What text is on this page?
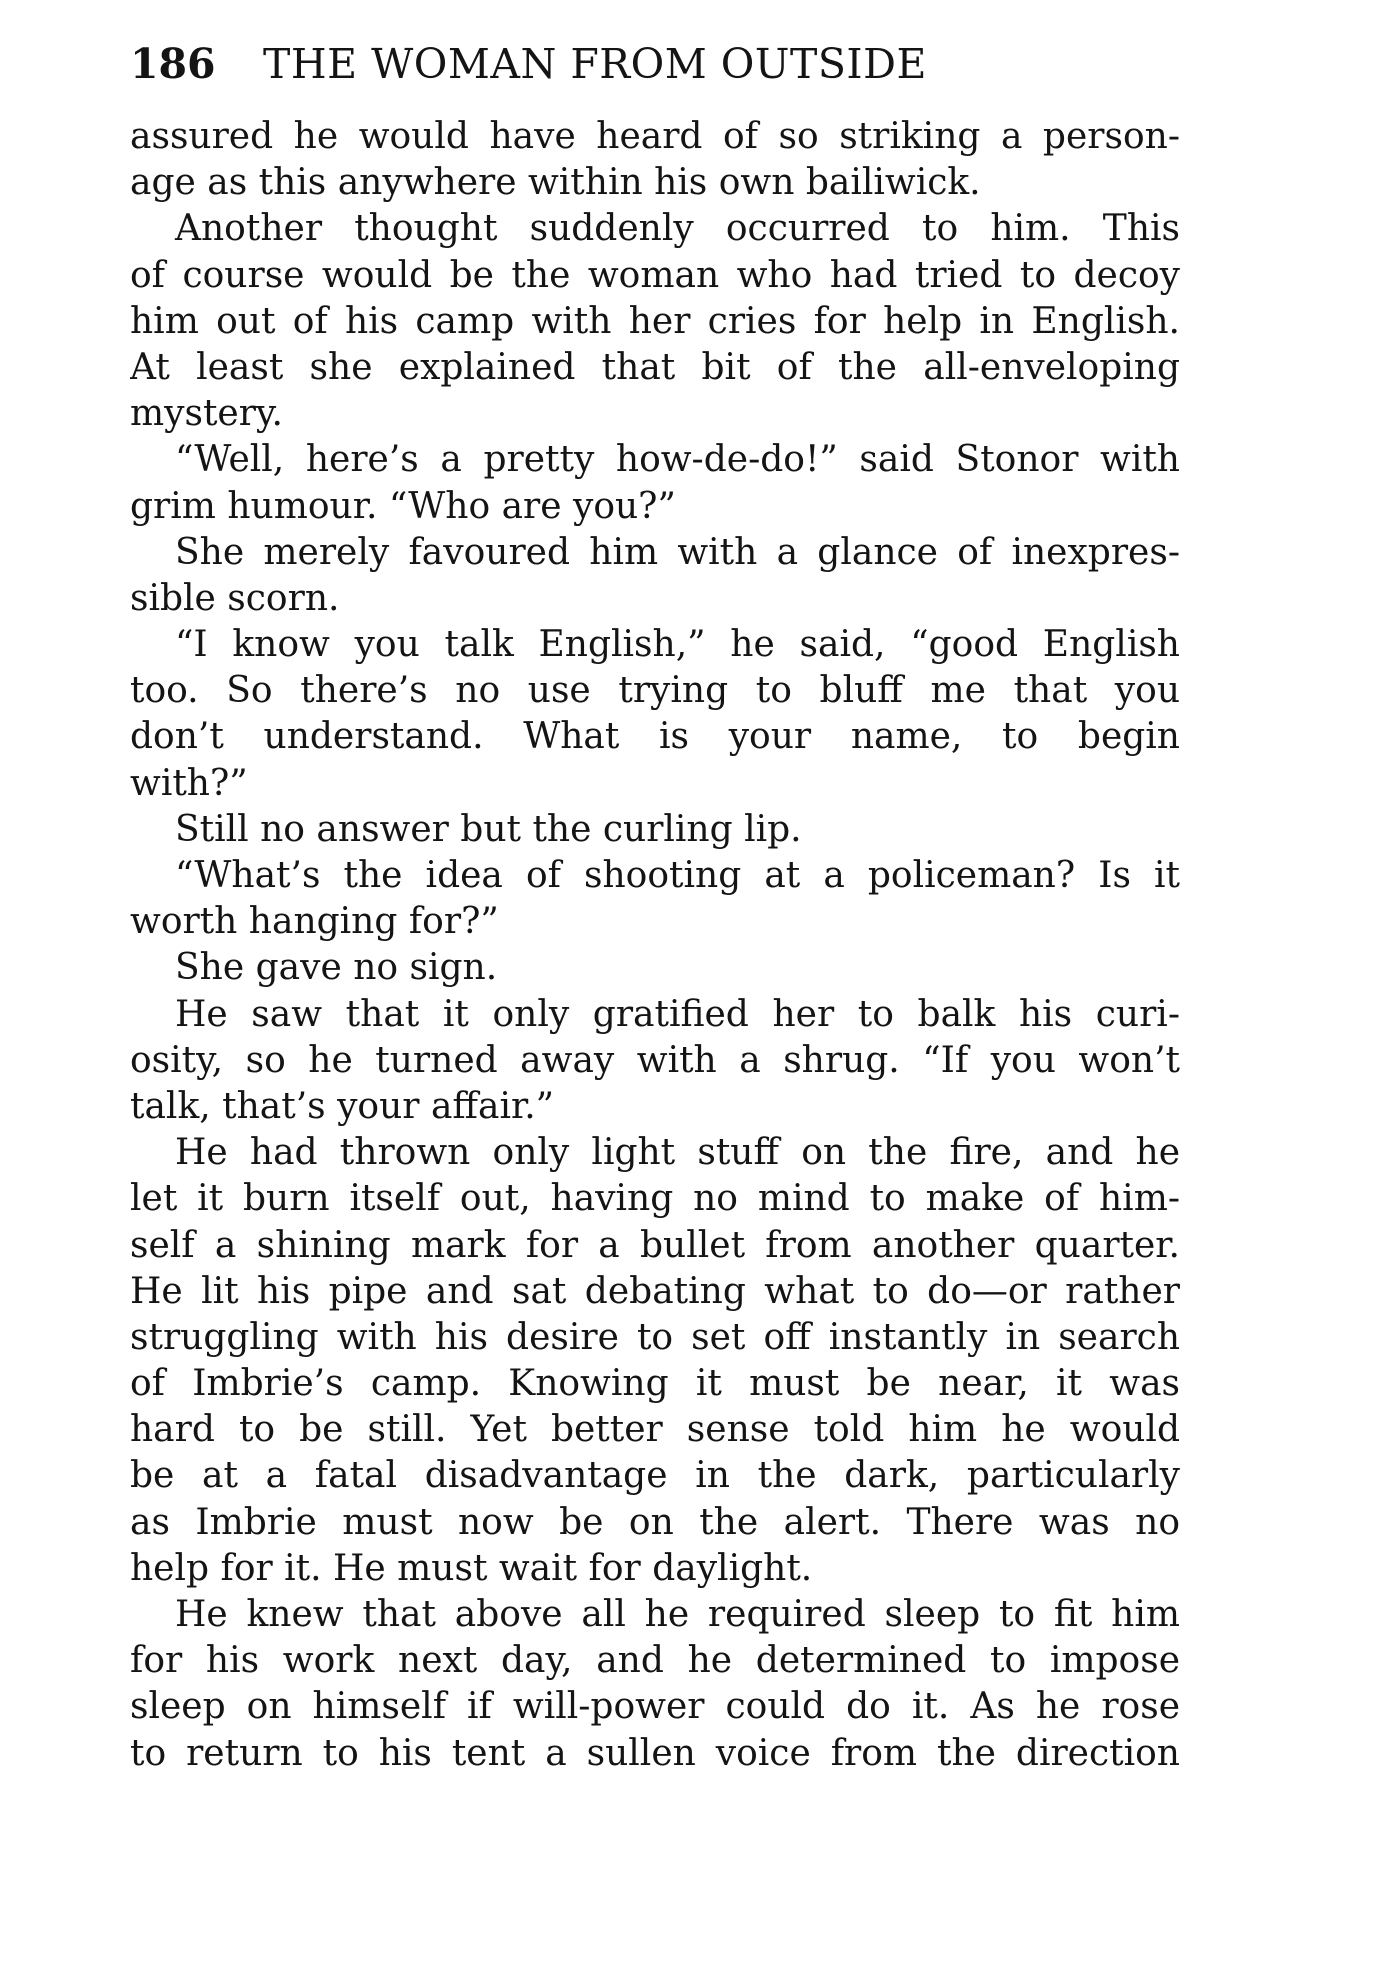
186 THE WOMAN FROM OUTSIDE
assured he would have heard of so striking a person-
age as this anywhere within his own bailiwick.
Another thought suddenly occurred to him. This
of course would be the woman who had tried to decoy
him out of his camp with her cries for help in English.
At least she explained that bit of the all-enveloping
mystery.
“Well, here’s a pretty how-de-do!” said Stonor with
grim humour. “Who are you?”
She merely favoured him with a glance of inexpres-
sible scorn.
“I know you talk English,” he said, “good English
too. So there’s no use trying to bluff me that you
don’t understand. What is your name, to begin
with?”
Still no answer but the curling lip.
“What’s the idea of shooting at a policeman? Is it
worth hanging for?”
She gave no sign.
He saw that it only gratified her to balk his curi-
osity, so he turned away with a shrug. “If you won’t
talk, that’s your affair.”
He had thrown only light stuff on the fire, and he
let it burn itself out, having no mind to make of him-
self a shining mark for a bullet from another quarter.
He lit his pipe and sat debating what to do—or rather
struggling with his desire to set off instantly in search
of Imbrie’s camp. Knowing it must be near, it was
hard to be still. Yet better sense told him he would
be at a fatal disadvantage in the dark, particularly
as Imbrie must now be on the alert. There was no
help for it. He must wait for daylight.
He knew that above all he required sleep to fit him
for his work next day, and he determined to impose
sleep on himself if will-power could do it. As he rose
to return to his tent a sullen voice from the direction
